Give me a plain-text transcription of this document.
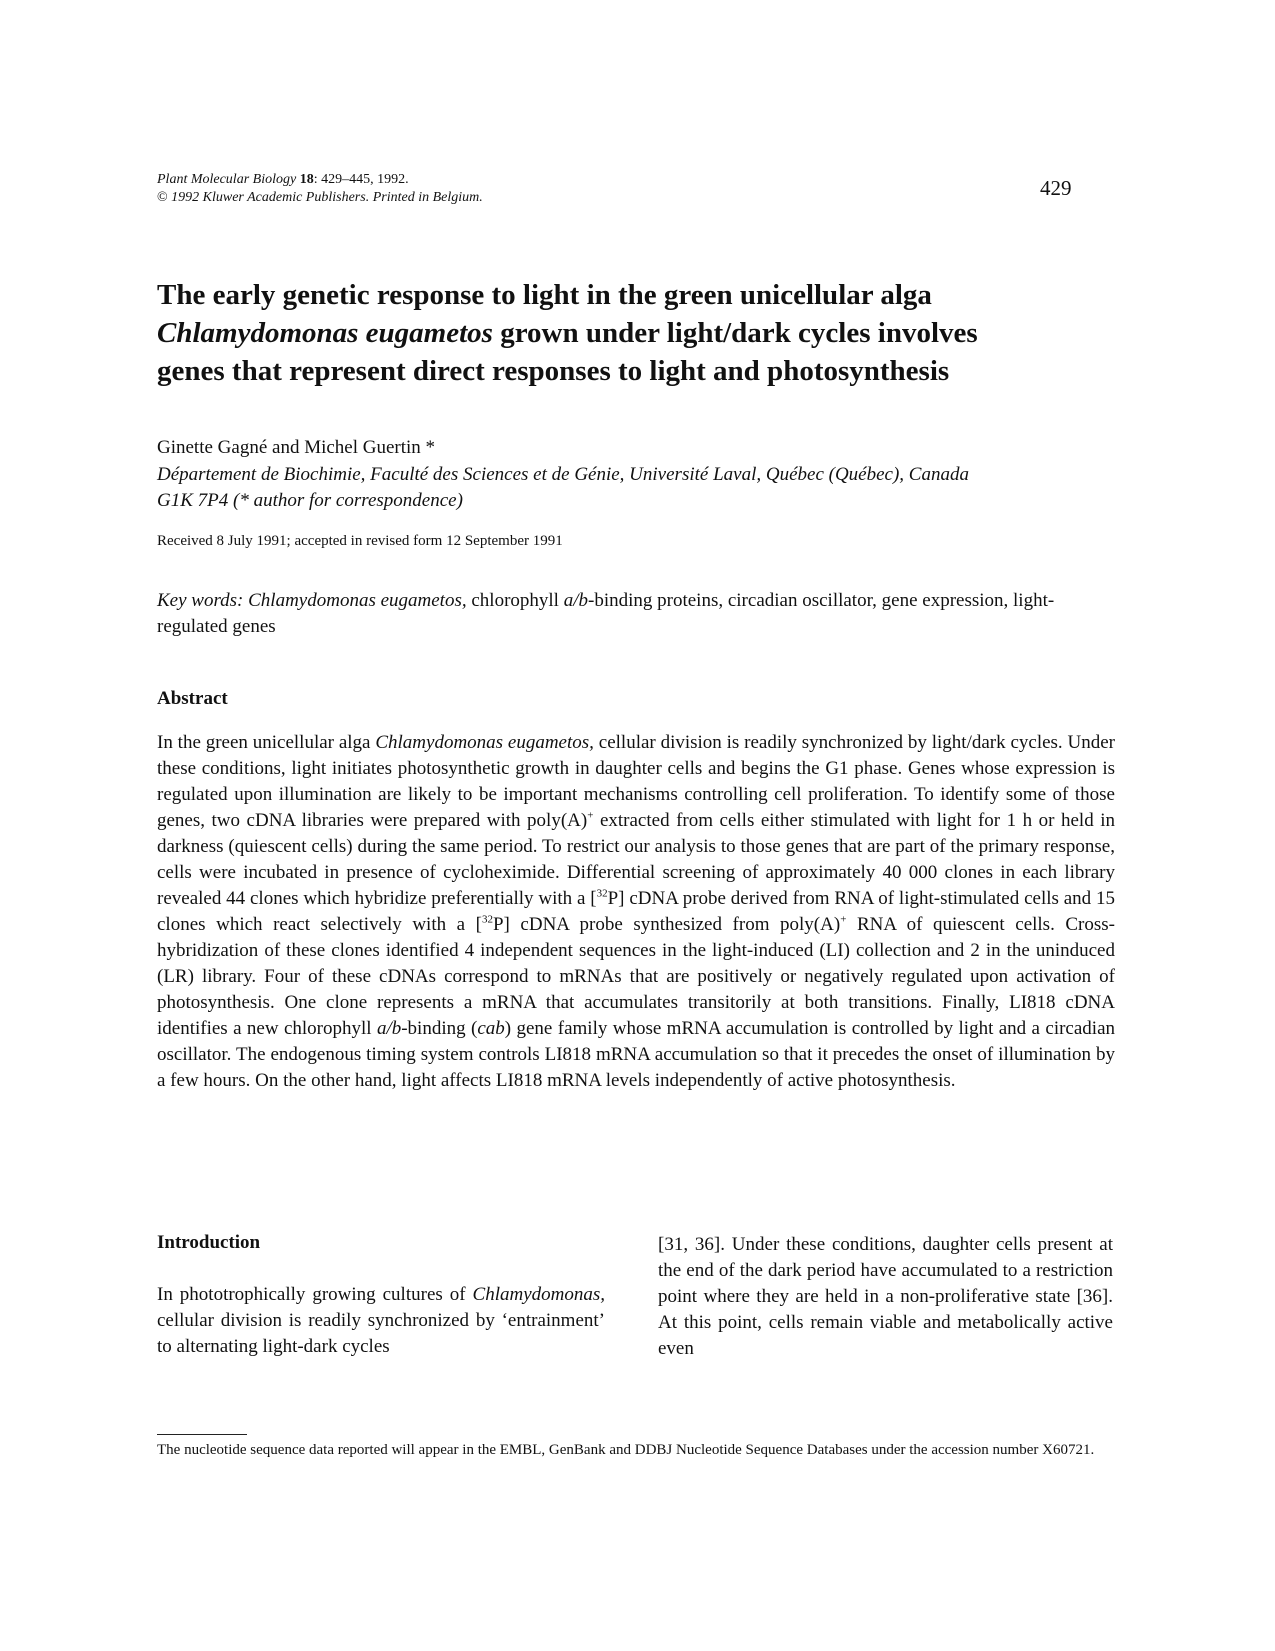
Plant Molecular Biology 18: 429–445, 1992.
© 1992 Kluwer Academic Publishers. Printed in Belgium.	429
The early genetic response to light in the green unicellular alga
Chlamydomonas eugametos grown under light/dark cycles involves
genes that represent direct responses to light and photosynthesis
Ginette Gagné and Michel Guertin *
Département de Biochimie, Faculté des Sciences et de Génie, Université Laval, Québec (Québec), Canada
G1K 7P4 (* author for correspondence)
Received 8 July 1991; accepted in revised form 12 September 1991
Key words: Chlamydomonas eugametos, chlorophyll a/b-binding proteins, circadian oscillator, gene expression, light-regulated genes
Abstract
In the green unicellular alga Chlamydomonas eugametos, cellular division is readily synchronized by light/dark cycles. Under these conditions, light initiates photosynthetic growth in daughter cells and begins the G1 phase. Genes whose expression is regulated upon illumination are likely to be important mechanisms controlling cell proliferation. To identify some of those genes, two cDNA libraries were prepared with poly(A)+ extracted from cells either stimulated with light for 1 h or held in darkness (quiescent cells) during the same period. To restrict our analysis to those genes that are part of the primary response, cells were incubated in presence of cycloheximide. Differential screening of approximately 40 000 clones in each library revealed 44 clones which hybridize preferentially with a [$^{32}$P] cDNA probe derived from RNA of light-stimulated cells and 15 clones which react selectively with a [$^{32}$P] cDNA probe synthesized from poly(A)+ RNA of quiescent cells. Cross-hybridization of these clones identified 4 independent sequences in the light-induced (LI) collection and 2 in the uninduced (LR) library. Four of these cDNAs correspond to mRNAs that are positively or negatively regulated upon activation of photosynthesis. One clone represents a mRNA that accumulates transitorily at both transitions. Finally, LI818 cDNA identifies a new chlorophyll a/b-binding (cab) gene family whose mRNA accumulation is controlled by light and a circadian oscillator. The endogenous timing system controls LI818 mRNA accumulation so that it precedes the onset of illumination by a few hours. On the other hand, light affects LI818 mRNA levels independently of active photosynthesis.
Introduction
In phototrophically growing cultures of Chlamydomonas, cellular division is readily synchronized by ‘entrainment’ to alternating light-dark cycles
[31, 36]. Under these conditions, daughter cells present at the end of the dark period have accumulated to a restriction point where they are held in a non-proliferative state [36]. At this point, cells remain viable and metabolically active even
The nucleotide sequence data reported will appear in the EMBL, GenBank and DDBJ Nucleotide Sequence Databases under the accession number X60721.
